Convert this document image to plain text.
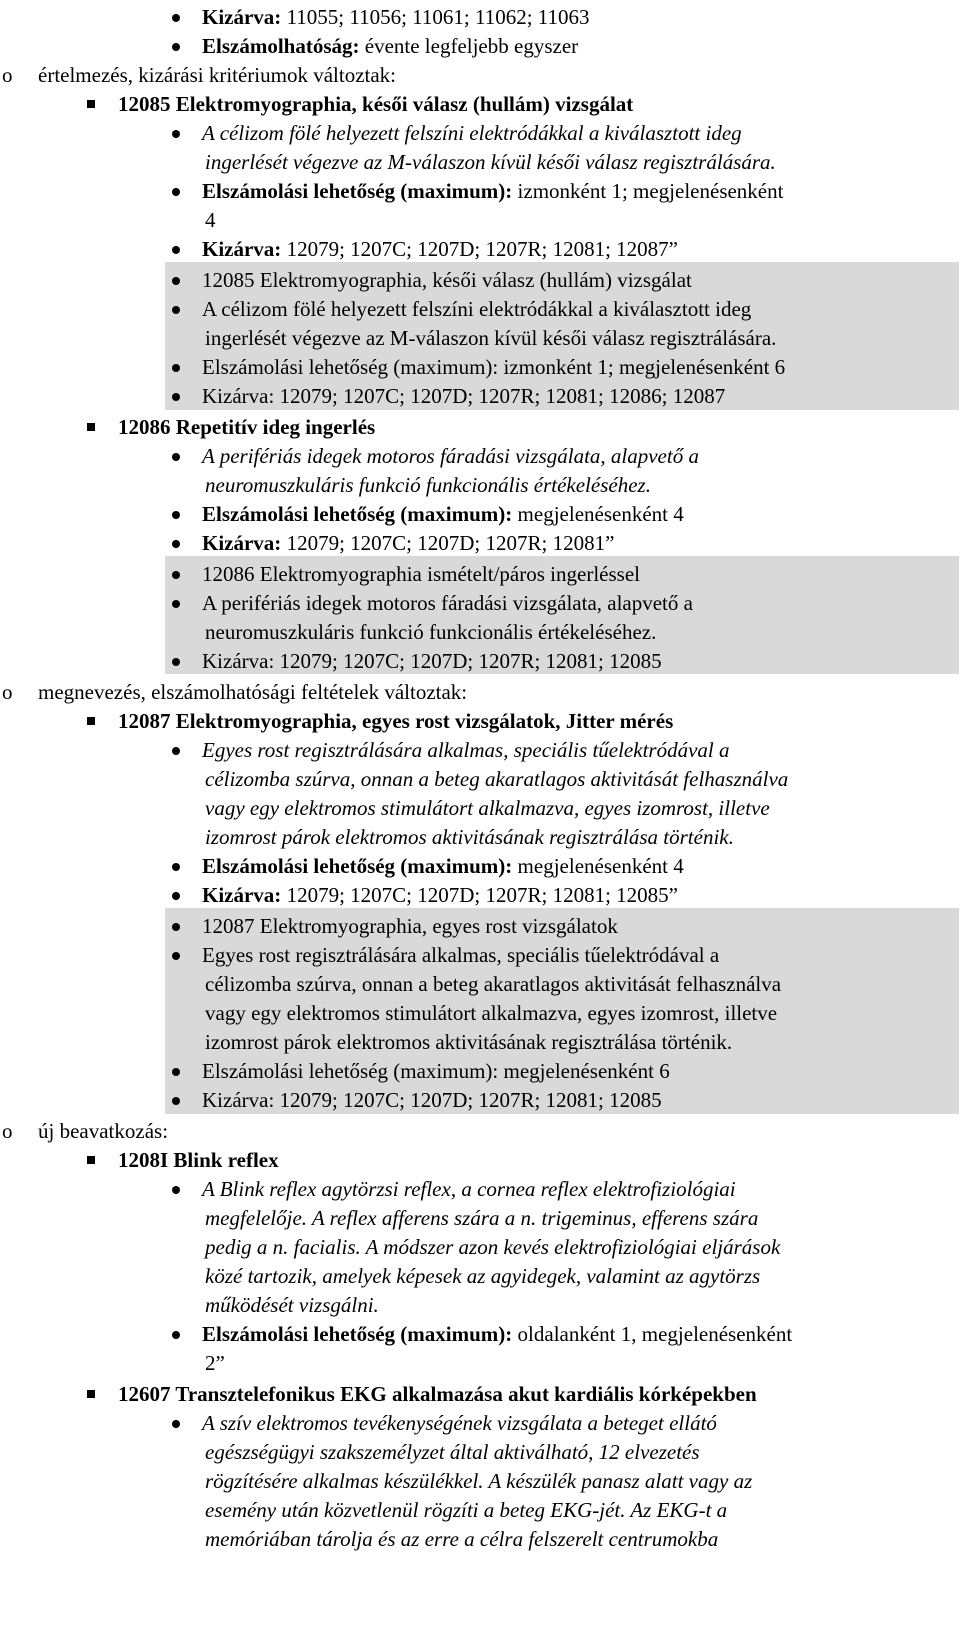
Kizárva: 11055; 11056; 11061; 11062; 11063
Elszámolhatóság: évente legfeljebb egyszer
o	értelmezés, kizárási kritériumok változtak:
12085 Elektromyographia, késői válasz (hullám) vizsgálat
A célizom fölé helyezett felszíni elektródákkal a kiválasztott ideg
ingerlését végezve az M-válaszon kívül késői válasz regisztrálására.
Elszámolási lehetőség (maximum): izmonként 1; megjelenésenként
4
Kizárva: 12079; 1207C; 1207D; 1207R; 12081; 12087”
12085 Elektromyographia, késői válasz (hullám) vizsgálat
A célizom fölé helyezett felszíni elektródákkal a kiválasztott ideg
ingerlését végezve az M-válaszon kívül késői válasz regisztrálására.
Elszámolási lehetőség (maximum): izmonként 1; megjelenésenként 6
Kizárva: 12079; 1207C; 1207D; 1207R; 12081; 12086; 12087
12086 Repetitív ideg ingerlés
A perifériás idegek motoros fáradási vizsgálata, alapvető a
neuromuszkuláris funkció funkcionális értékeléséhez.
Elszámolási lehetőség (maximum): megjelenésenként 4
Kizárva: 12079; 1207C; 1207D; 1207R; 12081”
12086 Elektromyographia ismételt/páros ingerléssel
A perifériás idegek motoros fáradási vizsgálata, alapvető a
neuromuszkuláris funkció funkcionális értékeléséhez.
Kizárva: 12079; 1207C; 1207D; 1207R; 12081; 12085
o	megnevezés, elszámolhatósági feltételek változtak:
12087 Elektromyographia, egyes rost vizsgálatok, Jitter mérés
Egyes rost regisztrálására alkalmas, speciális tűelektródával a
célizomba szúrva, onnan a beteg akaratlagos aktivitását felhasználva
vagy egy elektromos stimulátort alkalmazva, egyes izomrost, illetve
izomrost párok elektromos aktivitásának regisztrálása történik.
Elszámolási lehetőség (maximum): megjelenésenként 4
Kizárva: 12079; 1207C; 1207D; 1207R; 12081; 12085”
12087 Elektromyographia, egyes rost vizsgálatok
Egyes rost regisztrálására alkalmas, speciális tűelektródával a
célizomba szúrva, onnan a beteg akaratlagos aktivitását felhasználva
vagy egy elektromos stimulátort alkalmazva, egyes izomrost, illetve
izomrost párok elektromos aktivitásának regisztrálása történik.
Elszámolási lehetőség (maximum): megjelenésenként 6
Kizárva: 12079; 1207C; 1207D; 1207R; 12081; 12085
o	új beavatkozás:
1208I Blink reflex
A Blink reflex agytörzsi reflex, a cornea reflex elektrofiziológiai
megfelelője. A reflex afferens szára a n. trigeminus, efferens szára
pedig a n. facialis. A módszer azon kevés elektrofiziológiai eljárások
közé tartozik, amelyek képesek az agyidegek, valamint az agytörzs
működését vizsgálni.
Elszámolási lehetőség (maximum): oldalanként 1, megjelenésenként
2”
12607 Transztelefonikus EKG alkalmazása akut kardiális kórképekben
A szív elektromos tevékenységének vizsgálata a beteget ellátó
egészségügyi szakszemélyzet által aktiválható, 12 elvezetés
rögzítésére alkalmas készülékkel. A készülék panasz alatt vagy az
esemény után közvetlenül rögzíti a beteg EKG-jét. Az EKG-t a
memóriában tárolja és az erre a célra felszerelt centrumokba
